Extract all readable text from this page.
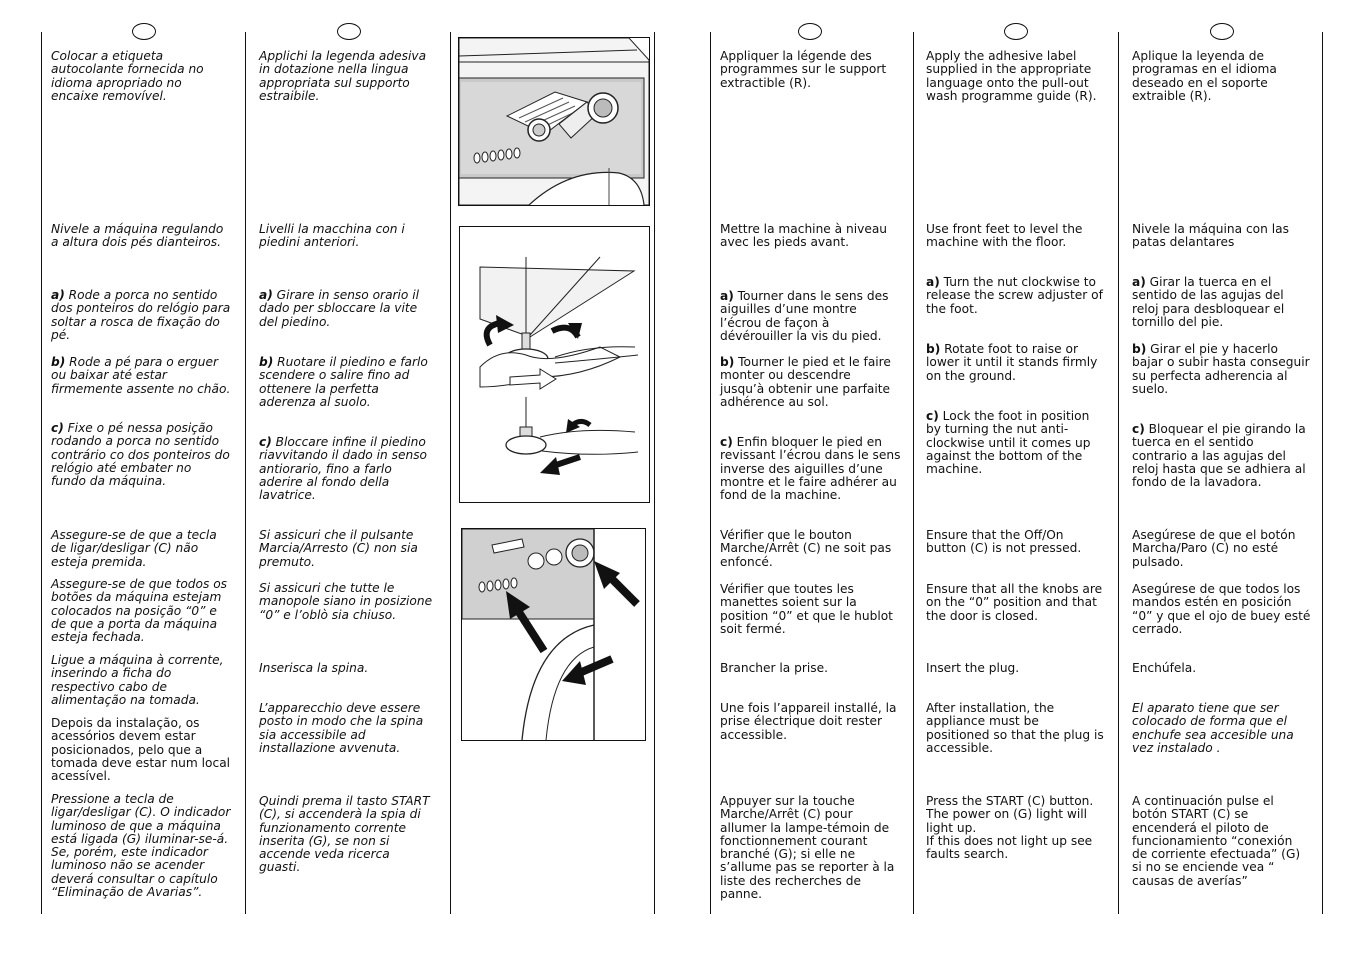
Colocar a etiqueta
autocolante fornecida no
idioma apropriado no
encaixe removível.

Nivele a máquina regulando
a altura dois pés dianteiros.

a) Rode a porca no sentido
dos ponteiros do relógio para
soltar a rosca de fixação do
pé.

b) Rode a pé para o erguer
ou baixar até estar
firmemente assente no chão.

c) Fixe o pé nessa posição
rodando a porca no sentido
contrário co dos ponteiros do
relógio até embater no
fundo da máquina.

Assegure-se de que a tecla
de ligar/desligar (C) não
esteja premida.

Assegure-se de que todos os
botões da máquina estejam
colocados na posição “0” e
de que a porta da máquina
esteja fechada.

Ligue a máquina à corrente,
inserindo a ficha do
respectivo cabo de
alimentação na tomada.

Depois da instalação, os
acessórios devem estar
posicionados, pelo que a
tomada deve estar num local
acessível.

Pressione a tecla de
ligar/desligar (C). O indicador
luminoso de que a máquina
está ligada (G) iluminar-se-á.
Se, porém, este indicador
luminoso não se acender
deverá consultar o capítulo
“Eliminação de Avarias”.

Applichi la legenda adesiva
in dotazione nella lingua
appropriata sul supporto
estraibile.

Livelli la macchina con i
piedini anteriori.

a) Girare in senso orario il
dado per sbloccare la vite
del piedino.

b) Ruotare il piedino e farlo
scendere o salire fino ad
ottenere la perfetta
aderenza al suolo.

c) Bloccare infine il piedino
riavvitando il dado in senso
antiorario, fino a farlo
aderire al fondo della
lavatrice.

Si assicuri che il pulsante
Marcia/Arresto (C) non sia
premuto.

Si assicuri che tutte le
manopole siano in posizione
“0” e l’oblò sia chiuso.

Inserisca la spina.

L’apparecchio deve essere
posto in modo che la spina
sia accessibile ad
installazione avvenuta.

Quindi prema il tasto START
(C), si accenderà la spia di
funzionamento corrente
inserita (G), se non si
accende veda ricerca
guasti.

Appliquer la légende des
programmes sur le support
extractible (R).

Mettre la machine à niveau
avec les pieds avant.

a) Tourner dans le sens des
aiguilles d’une montre
l’écrou de façon à
dévérouiller la vis du pied.

b) Tourner le pied et le faire
monter ou descendre
jusqu’à obtenir une parfaite
adhérence au sol.

c) Enfin bloquer le pied en
revissant l’écrou dans le sens
inverse des aiguilles d’une
montre et le faire adhérer au
fond de la machine.

Vérifier que le bouton
Marche/Arrêt (C) ne soit pas
enfoncé.

Vérifier que toutes les
manettes soient sur la
position “0” et que le hublot
soit fermé.

Brancher la prise.

Une fois l’appareil installé, la
prise électrique doit rester
accessible.

Appuyer sur la touche
Marche/Arrêt (C) pour
allumer la lampe-témoin de
fonctionnement courant
branché (G); si elle ne
s’allume pas se reporter à la
liste des recherches de
panne.

Apply the adhesive label
supplied in the appropriate
language onto the pull-out
wash programme guide (R).

Use front feet to level the
machine with the floor.

a) Turn the nut clockwise to
release the screw adjuster of
the foot.

b) Rotate foot to raise or
lower it until it stands firmly
on the ground.

c) Lock the foot in position
by turning the nut anti-
clockwise until it comes up
against the bottom of the
machine.

Ensure that the Off/On
button (C) is not pressed.

Ensure that all the knobs are
on the “0” position and that
the door is closed.

Insert the plug.

After installation, the
appliance must be
positioned so that the plug is
accessible.

Press the START (C) button.
The power on (G) light will
light up.
If this does not light up see
faults search.

Aplique la leyenda de
programas en el idioma
deseado en el soporte
extraible (R).

Nivele la máquina con las
patas delantares

a) Girar la tuerca en el
sentido de las agujas del
reloj para desbloquear el
tornillo del pie.

b) Girar el pie y hacerlo
bajar o subir hasta conseguir
su perfecta adherencia al
suelo.

c) Bloquear el pie girando la
tuerca en el sentido
contrario a las agujas del
reloj hasta que se adhiera al
fondo de la lavadora.

Asegúrese de que el botón
Marcha/Paro (C) no esté
pulsado.

Asegúrese de que todos los
mandos estén en posición
“0” y que el ojo de buey esté
cerrado.

Enchúfela.

El aparato tiene que ser
colocado de forma que el
enchufe sea accesible una
vez instalado .

A continuación pulse el
botón START (C) se
encenderá el piloto de
funcionamiento “conexión
de corriente efectuada” (G)
si no se enciende vea “
causas de averías”
